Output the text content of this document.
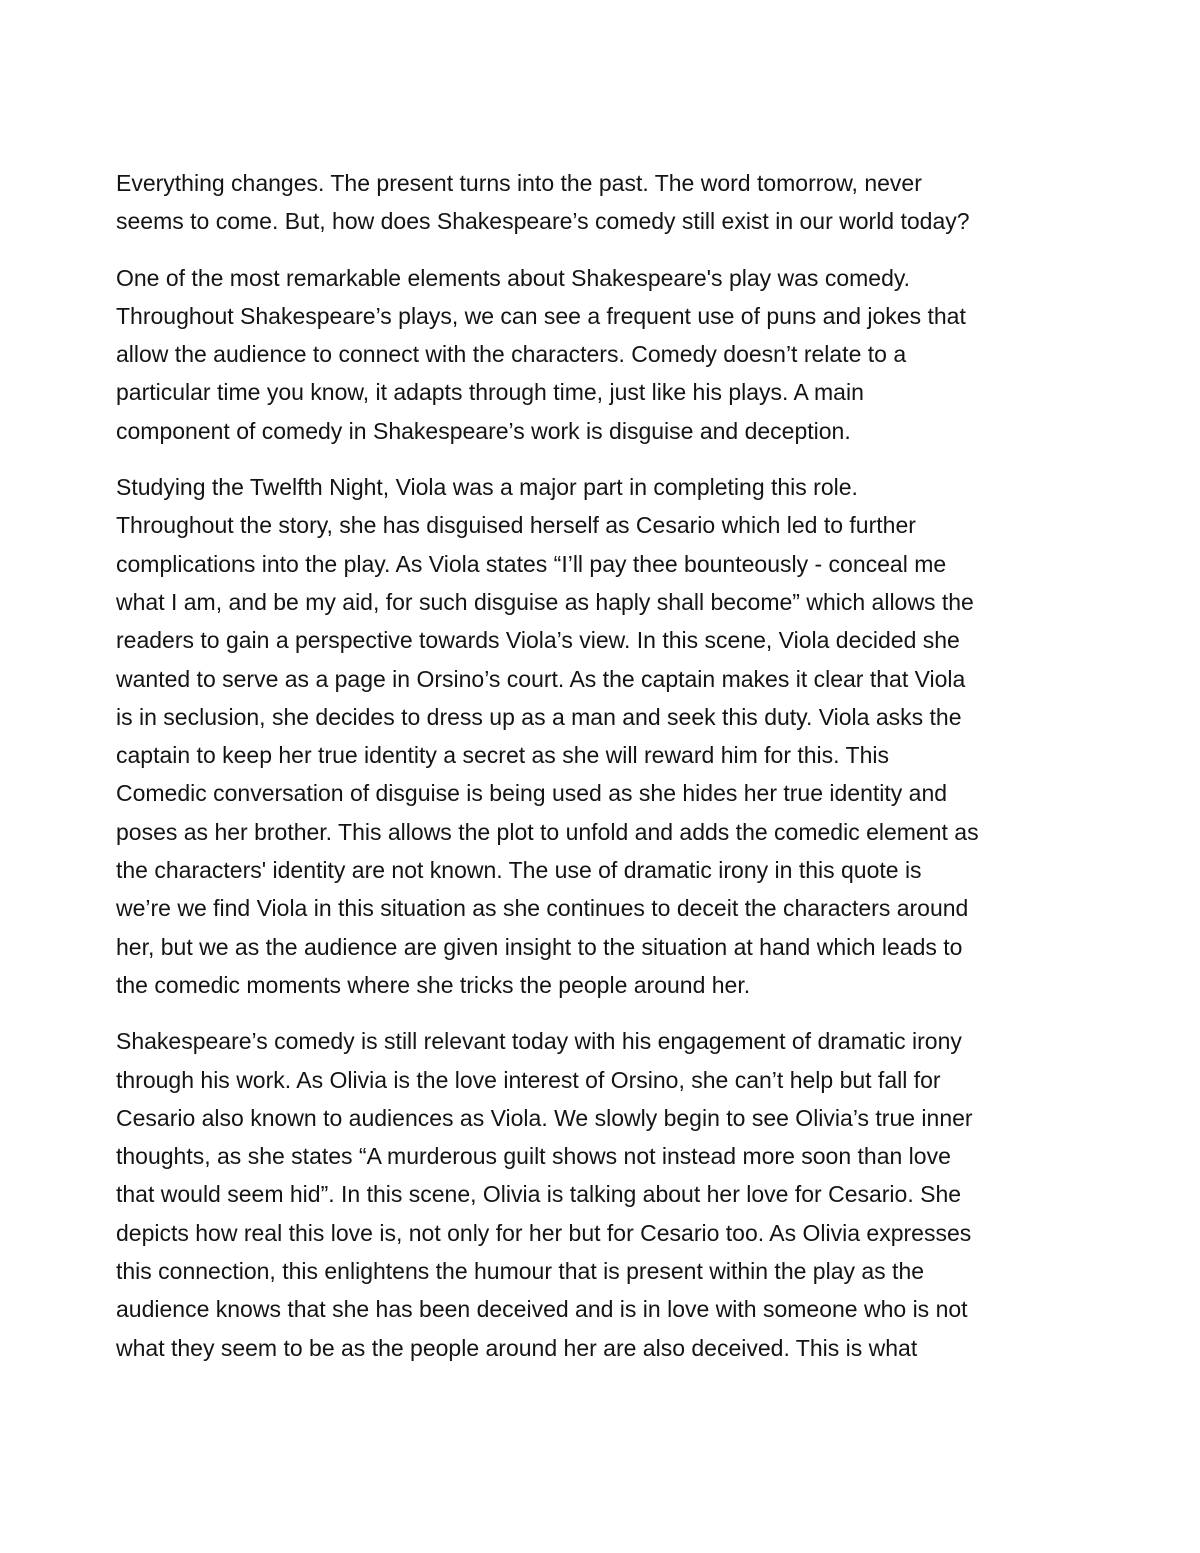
Everything changes. The present turns into the past. The word tomorrow, never
seems to come. But, how does Shakespeare’s comedy still exist in our world today?

One of the most remarkable elements about Shakespeare's play was comedy.
Throughout Shakespeare’s plays, we can see a frequent use of puns and jokes that
allow the audience to connect with the characters. Comedy doesn’t relate to a
particular time you know, it adapts through time, just like his plays. A main
component of comedy in Shakespeare’s work is disguise and deception.

Studying the Twelfth Night, Viola was a major part in completing this role.
Throughout the story, she has disguised herself as Cesario which led to further
complications into the play. As Viola states “I’ll pay thee bounteously - conceal me
what I am, and be my aid, for such disguise as haply shall become” which allows the
readers to gain a perspective towards Viola’s view. In this scene, Viola decided she
wanted to serve as a page in Orsino’s court. As the captain makes it clear that Viola
is in seclusion, she decides to dress up as a man and seek this duty. Viola asks the
captain to keep her true identity a secret as she will reward him for this. This
Comedic conversation of disguise is being used as she hides her true identity and
poses as her brother. This allows the plot to unfold and adds the comedic element as
the characters' identity are not known. The use of dramatic irony in this quote is
we’re we find Viola in this situation as she continues to deceit the characters around
her, but we as the audience are given insight to the situation at hand which leads to
the comedic moments where she tricks the people around her.

Shakespeare’s comedy is still relevant today with his engagement of dramatic irony
through his work. As Olivia is the love interest of Orsino, she can’t help but fall for
Cesario also known to audiences as Viola. We slowly begin to see Olivia’s true inner
thoughts, as she states “A murderous guilt shows not instead more soon than love
that would seem hid”. In this scene, Olivia is talking about her love for Cesario. She
depicts how real this love is, not only for her but for Cesario too. As Olivia expresses
this connection, this enlightens the humour that is present within the play as the
audience knows that she has been deceived and is in love with someone who is not
what they seem to be as the people around her are also deceived. This is what
